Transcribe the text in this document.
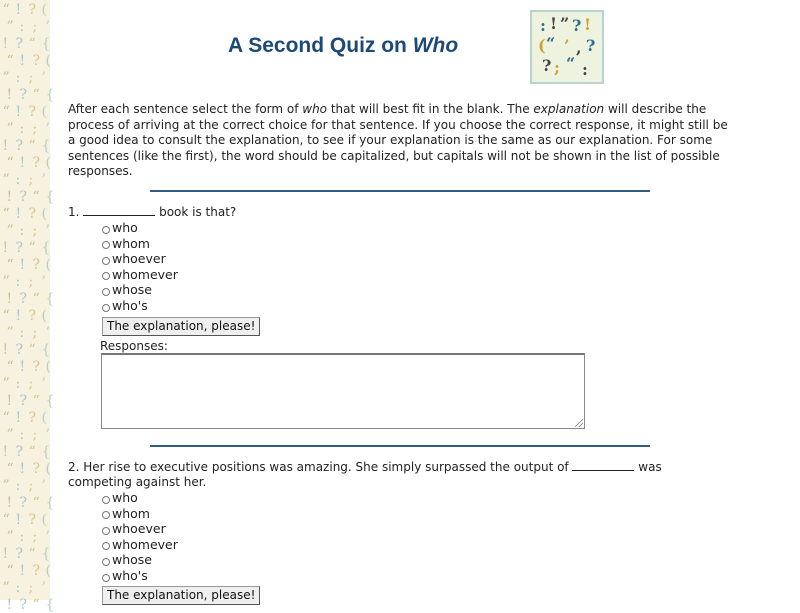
“ ! ? (
” : ; ’
! ? “ {
“ ! ? (
” : ; ’
! ? “ {
“ ! ? (
” : ; ’
! ? “ {
“ ! ? (
” : ; ’
! ? “ {
“ ! ? (
” : ; ’
! ? “ {
“ ! ? (
” : ; ’
! ? “ {
“ ! ? (
” : ; ’
! ? “ {
“ ! ? (
” : ; ’
! ? “ {
“ ! ? (
” : ; ’
! ? “ {
“ ! ? (
” : ; ’
! ? “ {
“ ! ? (
” : ; ’
! ? “ {
“ ! ? (
” : ; ’
! ? “ {
A Second Quiz on Who
: ! ” ? !
( “ ’ , ?
? ; “ :
After each sentence select the form of who that will best fit in the blank. The explanation will describe the process of arriving at the correct choice for that sentence. If you choose the correct response, it might still be a good idea to consult the explanation, to see if your explanation is the same as our explanation. For some sentences (like the first), the word should be capitalized, but capitals will not be shown in the list of possible responses.
1.	book is that?
who
whom
whoever
whomever
whose
who's
The explanation, please!
Responses:
2. Her rise to executive positions was amazing. She simply surpassed the output of	was competing against her.
who
whom
whoever
whomever
whose
who's
The explanation, please!
